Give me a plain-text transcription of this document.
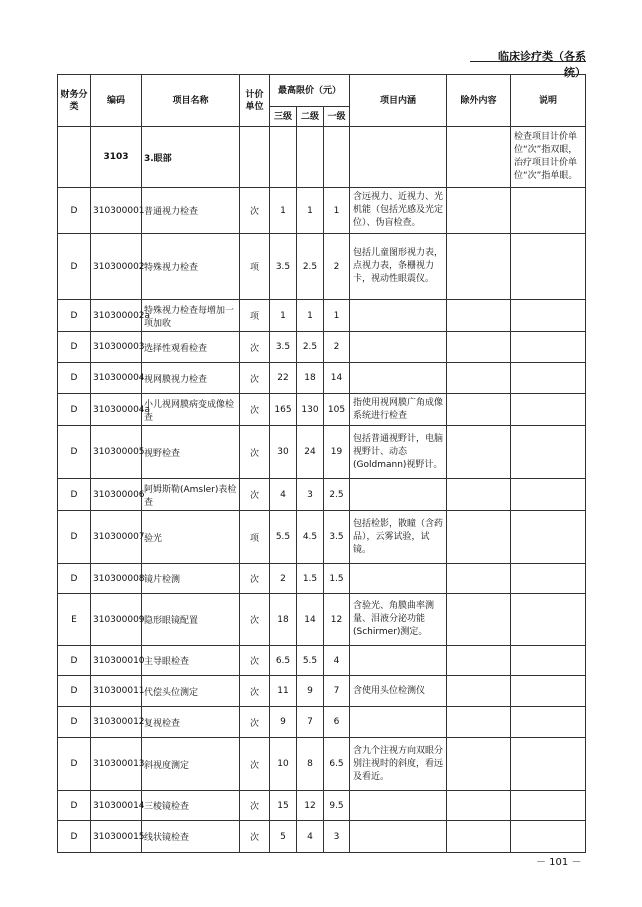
临床诊疗类（各系统）
财务分类	编码	项目名称	计价单位	最高限价（元）			项目内涵	除外内容	说明
				三级	二级	一级			
	3103	3.眼部							检查项目计价单位“次”指双眼，治疗项目计价单位“次”指单眼。
D	310300001	普通视力检查	次	1	1	1	含远视力、近视力、光机能（包括光感及光定位）、伪盲检查。		
D	310300002	特殊视力检查	项	3.5	2.5	2	包括儿童图形视力表，点视力表，条栅视力卡，视动性眼震仪。		
D	310300002a	特殊视力检查每增加一项加收	项	1	1	1			
D	310300003	选择性观看检查	次	3.5	2.5	2			
D	310300004	视网膜视力检查	次	22	18	14			
D	310300004a	小儿视网膜病变成像检查	次	165	130	105	指使用视网膜广角成像系统进行检查		
D	310300005	视野检查	次	30	24	19	包括普通视野计，电脑视野计、动态(Goldmann)视野计。		
D	310300006	阿姆斯勒(Amsler)表检查	次	4	3	2.5			
D	310300007	验光	项	5.5	4.5	3.5	包括检影，散瞳（含药品），云雾试验，试镜。		
D	310300008	镜片检测	次	2	1.5	1.5			
E	310300009	隐形眼镜配置	次	18	14	12	含验光、角膜曲率测量、泪液分泌功能(Schirmer)测定。		
D	310300010	主导眼检查	次	6.5	5.5	4			
D	310300011	代偿头位测定	次	11	9	7	含使用头位检测仪		
D	310300012	复视检查	次	9	7	6			
D	310300013	斜视度测定	次	10	8	6.5	含九个注视方向双眼分别注视时的斜度，看远及看近。		
D	310300014	三棱镜检查	次	15	12	9.5			
D	310300015	线状镜检查	次	5	4	3			
－ 101 －
